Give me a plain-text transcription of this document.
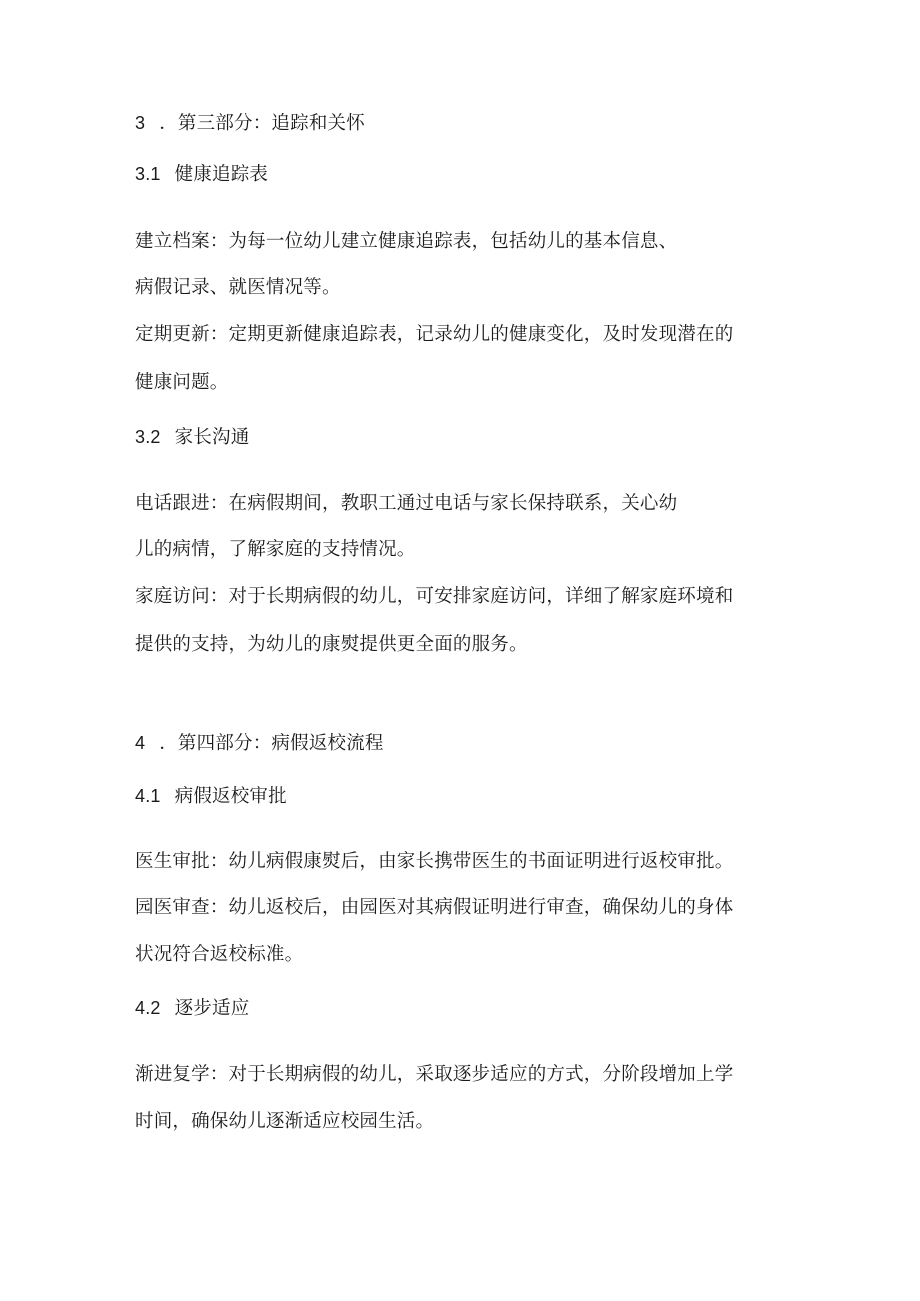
3 ．第三部分：追踪和关怀

3.1 健康追踪表

建立档案：为每一位幼儿建立健康追踪表，包括幼儿的基本信息、

病假记录、就医情况等。

定期更新：定期更新健康追踪表，记录幼儿的健康变化，及时发现潜在的

健康问题。

3.2 家长沟通

电话跟进：在病假期间，教职工通过电话与家长保持联系，关心幼

儿的病情，了解家庭的支持情况。

家庭访问：对于长期病假的幼儿，可安排家庭访问，详细了解家庭环境和

提供的支持，为幼儿的康熨提供更全面的服务。

4 ．第四部分：病假返校流程

4.1 病假返校审批

医生审批：幼儿病假康熨后，由家长携带医生的书面证明进行返校审批。

园医审查：幼儿返校后，由园医对其病假证明进行审查，确保幼儿的身体

状况符合返校标准。

4.2 逐步适应

渐进复学：对于长期病假的幼儿，采取逐步适应的方式，分阶段增加上学

时间，确保幼儿逐渐适应校园生活。
